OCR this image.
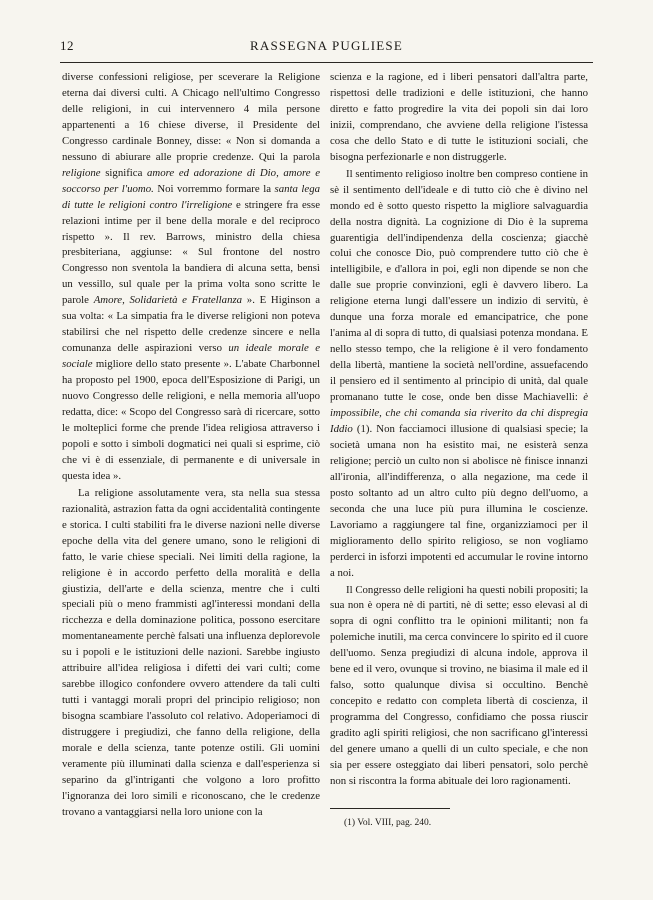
12	RASSEGNA PUGLIESE

diverse confessioni religiose, per sceverare la Religione eterna dai diversi culti. A Chicago nell'ultimo Congresso delle religioni, in cui intervennero 4 mila persone appartenenti a 16 chiese diverse, il Presidente del Congresso cardinale Bonney, disse: « Non si domanda a nessuno di abiurare alle proprie credenze. Qui la parola religione significa amore ed adorazione di Dio, amore e soccorso per l'uomo. Noi vorremmo formare la santa lega di tutte le religioni contro l'irreligione e stringere fra esse relazioni intime per il bene della morale e del reciproco rispetto ». Il rev. Barrows, ministro della chiesa presbiteriana, aggiunse: « Sul frontone del nostro Congresso non sventola la bandiera di alcuna setta, bensì un vessillo, sul quale per la prima volta sono scritte le parole Amore, Solidarietà e Fratellanza ». E Higinson a sua volta: « La simpatia fra le diverse religioni non poteva stabilirsi che nel rispetto delle credenze sincere e nella comunanza delle aspirazioni verso un ideale morale e sociale migliore dello stato presente ». L'abate Charbonnel ha proposto pel 1900, epoca dell'Esposizione di Parigi, un nuovo Congresso delle religioni, e nella memoria all'uopo redatta, dice: « Scopo del Congresso sarà di ricercare, sotto le molteplici forme che prende l'idea religiosa attraverso i popoli e sotto i simboli dogmatici nei quali si esprime, ciò che vi è di essenziale, di permanente e di universale in questa idea ».

La religione assolutamente vera, sta nella sua stessa razionalità, astrazion fatta da ogni accidentalità contingente e storica. I culti stabiliti fra le diverse nazioni nelle diverse epoche della vita del genere umano, sono le religioni di fatto, le varie chiese speciali. Nei limiti della ragione, la religione è in accordo perfetto della moralità e della giustizia, dell'arte e della scienza, mentre che i culti speciali più o meno frammisti agl'interessi mondani della ricchezza e della dominazione politica, possono esercitare momentaneamente perchè falsati una influenza deplorevole su i popoli e le istituzioni delle nazioni. Sarebbe ingiusto attribuire all'idea religiosa i difetti dei vari culti; come sarebbe illogico confondere ovvero attendere da tali culti tutti i vantaggi morali propri del principio religioso; non bisogna scambiare l'assoluto col relativo. Adoperiamoci di distruggere i pregiudizi, che fanno della religione, della morale e della scienza, tante potenze ostili. Gli uomini veramente più illuminati dalla scienza e dall'esperienza si separino da gl'intriganti che volgono a loro profitto l'ignoranza dei loro simili e riconoscano, che le credenze trovano a vantaggiarsi nella loro unione con la

scienza e la ragione, ed i liberi pensatori dall'altra parte, rispettosi delle tradizioni e delle istituzioni, che hanno diretto e fatto progredire la vita dei popoli sin dai loro inizii, comprendano, che avviene della religione l'istessa cosa che dello Stato e di tutte le istituzioni sociali, che bisogna perfezionarle e non distruggerle.

Il sentimento religioso inoltre ben compreso contiene in sè il sentimento dell'ideale e di tutto ciò che è divino nel mondo ed è sotto questo rispetto la migliore salvaguardia della nostra dignità. La cognizione di Dio è la suprema guarentigia dell'indipendenza della coscienza; giacchè colui che conosce Dio, può comprendere tutto ciò che è intelligibile, e d'allora in poi, egli non dipende se non che dalle sue proprie convinzioni, egli è davvero libero. La religione eterna lungi dall'essere un indizio di servitù, è dunque una forza morale ed emancipatrice, che pone l'anima al di sopra di tutto, di qualsiasi potenza mondana. E nello stesso tempo, che la religione è il vero fondamento della libertà, mantiene la società nell'ordine, assuefacendo il pensiero ed il sentimento al principio di unità, dal quale promanano tutte le cose, onde ben disse Machiavelli: è impossibile, che chi comanda sia riverito da chi dispregia Iddio (1). Non facciamoci illusione di qualsiasi specie; la società umana non ha esistito mai, ne esisterà senza religione; perciò un culto non si abolisce nè finisce innanzi all'ironia, all'indifferenza, o alla negazione, ma cede il posto soltanto ad un altro culto più degno dell'uomo, a seconda che una luce più pura illumina le coscienze. Lavoriamo a raggiungere tal fine, organizziamoci per il miglioramento dello spirito religioso, se non vogliamo perderci in isforzi impotenti ed accumular le rovine intorno a noi.

Il Congresso delle religioni ha questi nobili propositi; la sua non è opera nè di partiti, nè di sette; esso elevasi al di sopra di ogni conflitto tra le opinioni militanti; non fa polemiche inutili, ma cerca convincere lo spirito ed il cuore dell'uomo. Senza pregiudizi di alcuna indole, approva il bene ed il vero, ovunque si trovino, ne biasima il male ed il falso, sotto qualunque divisa si occultino. Benchè concepito e redatto con completa libertà di coscienza, il programma del Congresso, confidiamo che possa riuscir gradito agli spiriti religiosi, che non sacrificano gl'interessi del genere umano a quelli di un culto speciale, e che non sia per essere osteggiato dai liberi pensatori, solo perchè non si riscontra la forma abituale dei loro ragionamenti.

(1) Vol. VIII, pag. 240.
